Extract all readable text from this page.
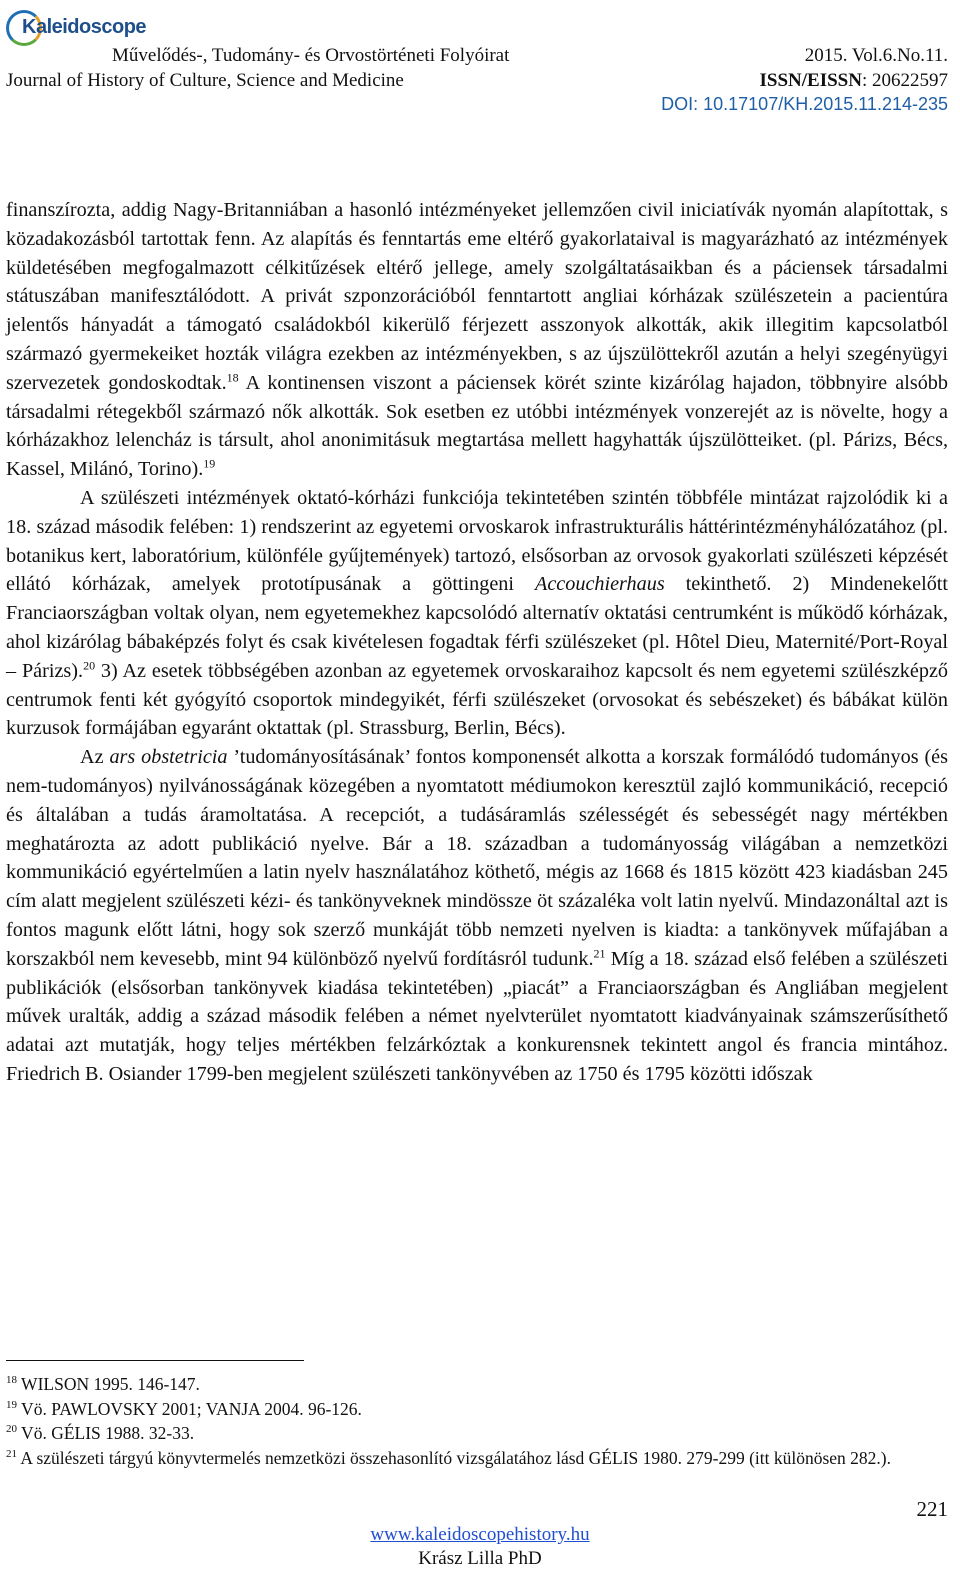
Kaleidoscope
Művelődés-, Tudomány- és Orvostörténeti Folyóirat
Journal of History of Culture, Science and Medicine
2015. Vol.6.No.11.
ISSN/EISSN: 20622597
DOI: 10.17107/KH.2015.11.214-235

finanszírozta, addig Nagy-Britanniában a hasonló intézményeket jellemzően civil iniciatívák nyomán alapítottak, s közadakozásból tartottak fenn. Az alapítás és fenntartás eme eltérő gyakorlataival is magyarázható az intézmények küldetésében megfogalmazott célkitűzések eltérő jellege, amely szolgáltatásaikban és a páciensek társadalmi státuszában manifesztálódott. A privát szponzorációból fenntartott angliai kórházak szülészetein a pacientúra jelentős hányadát a támogató családokból kikerülő férjezett asszonyok alkották, akik illegitim kapcsolatból származó gyermekeiket hozták világra ezekben az intézményekben, s az újszülöttekről azután a helyi szegényügyi szervezetek gondoskodtak.$^{18}$ A kontinensen viszont a páciensek körét szinte kizárólag hajadon, többnyire alsóbb társadalmi rétegekből származó nők alkották. Sok esetben ez utóbbi intézmények vonzerejét az is növelte, hogy a kórházakhoz lelencház is társult, ahol anonimitásuk megtartása mellett hagyhatták újszülötteiket. (pl. Párizs, Bécs, Kassel, Milánó, Torino).$^{19}$

A szülészeti intézmények oktató-kórházi funkciója tekintetében szintén többféle mintázat rajzolódik ki a 18. század második felében: 1) rendszerint az egyetemi orvoskarok infrastrukturális háttérintézményhálózatához (pl. botanikus kert, laboratórium, különféle gyűjtemények) tartozó, elsősorban az orvosok gyakorlati szülészeti képzését ellátó kórházak, amelyek prototípusának a göttingeni Accouchierhaus tekinthető. 2) Mindenekelőtt Franciaországban voltak olyan, nem egyetemekhez kapcsolódó alternatív oktatási centrumként is működő kórházak, ahol kizárólag bábaképzés folyt és csak kivételesen fogadtak férfi szülészeket (pl. Hôtel Dieu, Maternité/Port-Royal – Párizs).$^{20}$ 3) Az esetek többségében azonban az egyetemek orvoskaraihoz kapcsolt és nem egyetemi szülészképző centrumok fenti két gyógyító csoportok mindegyikét, férfi szülészeket (orvosokat és sebészeket) és bábákat külön kurzusok formájában egyaránt oktattak (pl. Strassburg, Berlin, Bécs).

Az ars obstetricia ’tudományosításának’ fontos komponensét alkotta a korszak formálódó tudományos (és nem-tudományos) nyilvánosságának közegében a nyomtatott médiumokon keresztül zajló kommunikáció, recepció és általában a tudás áramoltatása. A recepciót, a tudásáramlás szélességét és sebességét nagy mértékben meghatározta az adott publikáció nyelve. Bár a 18. században a tudományosság világában a nemzetközi kommunikáció egyértelműen a latin nyelv használatához köthető, mégis az 1668 és 1815 között 423 kiadásban 245 cím alatt megjelent szülészeti kézi- és tankönyveknek mindössze öt százaléka volt latin nyelvű. Mindazonáltal azt is fontos magunk előtt látni, hogy sok szerző munkáját több nemzeti nyelven is kiadta: a tankönyvek műfajában a korszakból nem kevesebb, mint 94 különböző nyelvű fordításról tudunk.$^{21}$ Míg a 18. század első felében a szülészeti publikációk (elsősorban tankönyvek kiadása tekintetében) „piacát” a Franciaországban és Angliában megjelent művek uralták, addig a század második felében a német nyelvterület nyomtatott kiadványainak számszerűsíthető adatai azt mutatják, hogy teljes mértékben felzárkóztak a konkurensnek tekintett angol és francia mintához. Friedrich B. Osiander 1799-ben megjelent szülészeti tankönyvében az 1750 és 1795 közötti időszak

$^{18}$ WILSON 1995. 146-147.

$^{19}$ Vö. PAWLOVSKY 2001; VANJA 2004. 96-126.

$^{20}$ Vö. GÉLIS 1988. 32-33.

$^{21}$ A szülészeti tárgyú könyvtermelés nemzetközi összehasonlító vizsgálatához lásd GÉLIS 1980. 279-299 (itt különösen 282.).

221
www.kaleidoscopehistory.hu
Krász Lilla PhD
